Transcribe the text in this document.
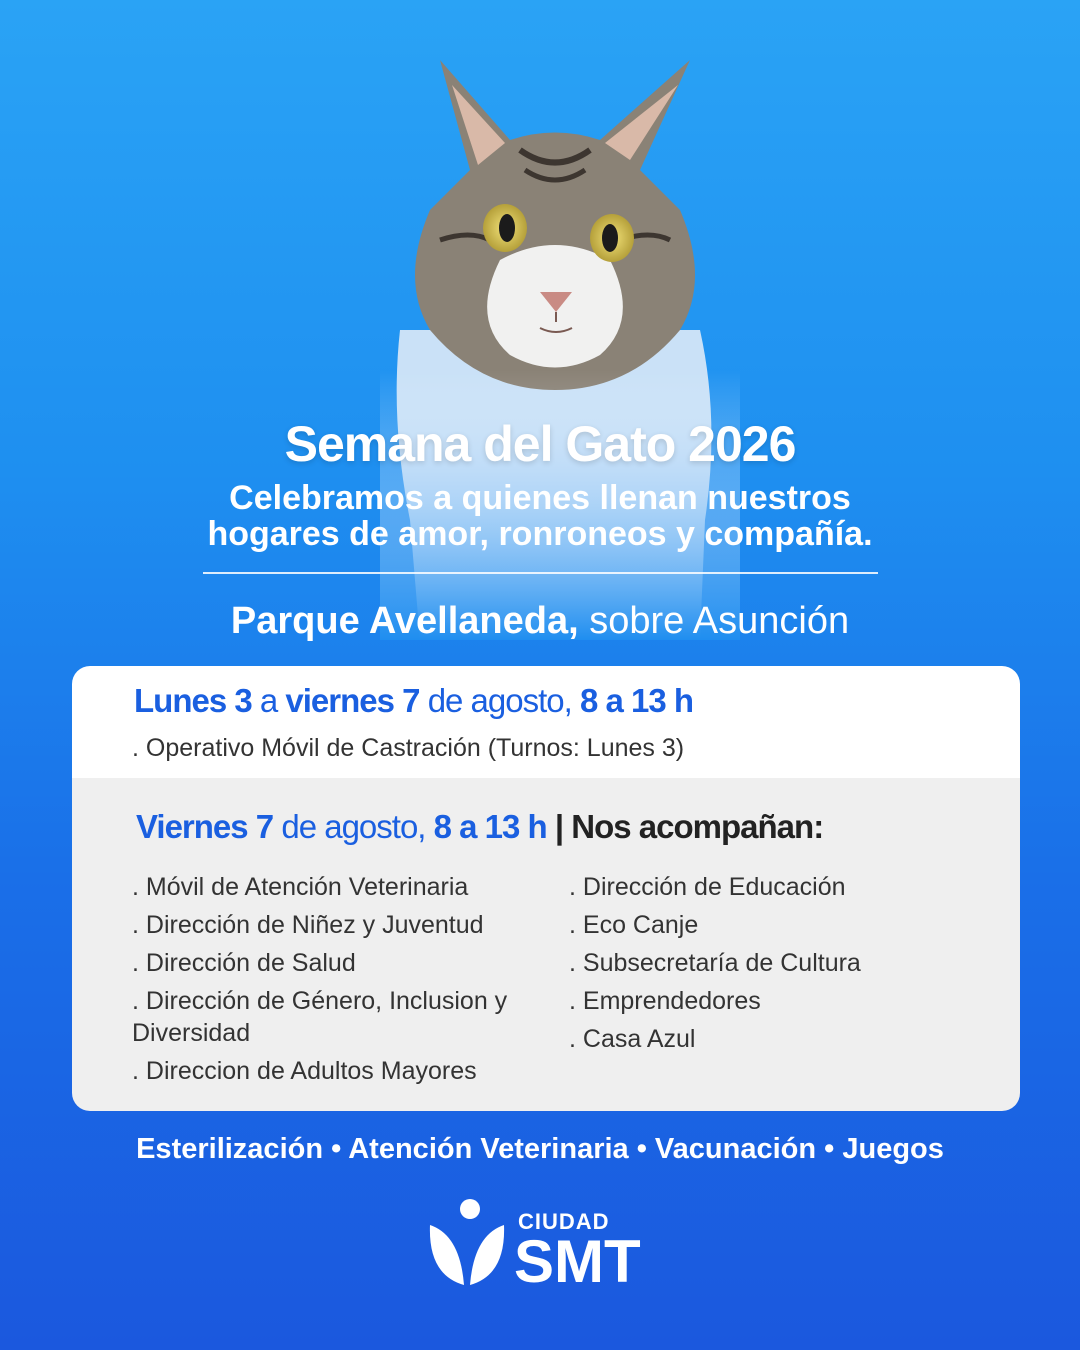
Semana del Gato 2026
Celebramos a quienes llenan nuestros
hogares de amor, ronroneos y compañía.
Parque Avellaneda, sobre Asunción
Lunes 3 a viernes 7 de agosto, 8 a 13 h
. Operativo Móvil de Castración (Turnos: Lunes 3)
Viernes 7 de agosto, 8 a 13 h | Nos acompañan:
. Móvil de Atención Veterinaria
. Dirección de Niñez y Juventud
. Dirección de Salud
. Dirección de Género, Inclusion y Diversidad
. Direccion de Adultos Mayores
. Dirección de Educación
. Eco Canje
. Subsecretaría de Cultura
. Emprendedores
. Casa Azul
Esterilización • Atención Veterinaria • Vacunación • Juegos
CIUDAD
SMT
